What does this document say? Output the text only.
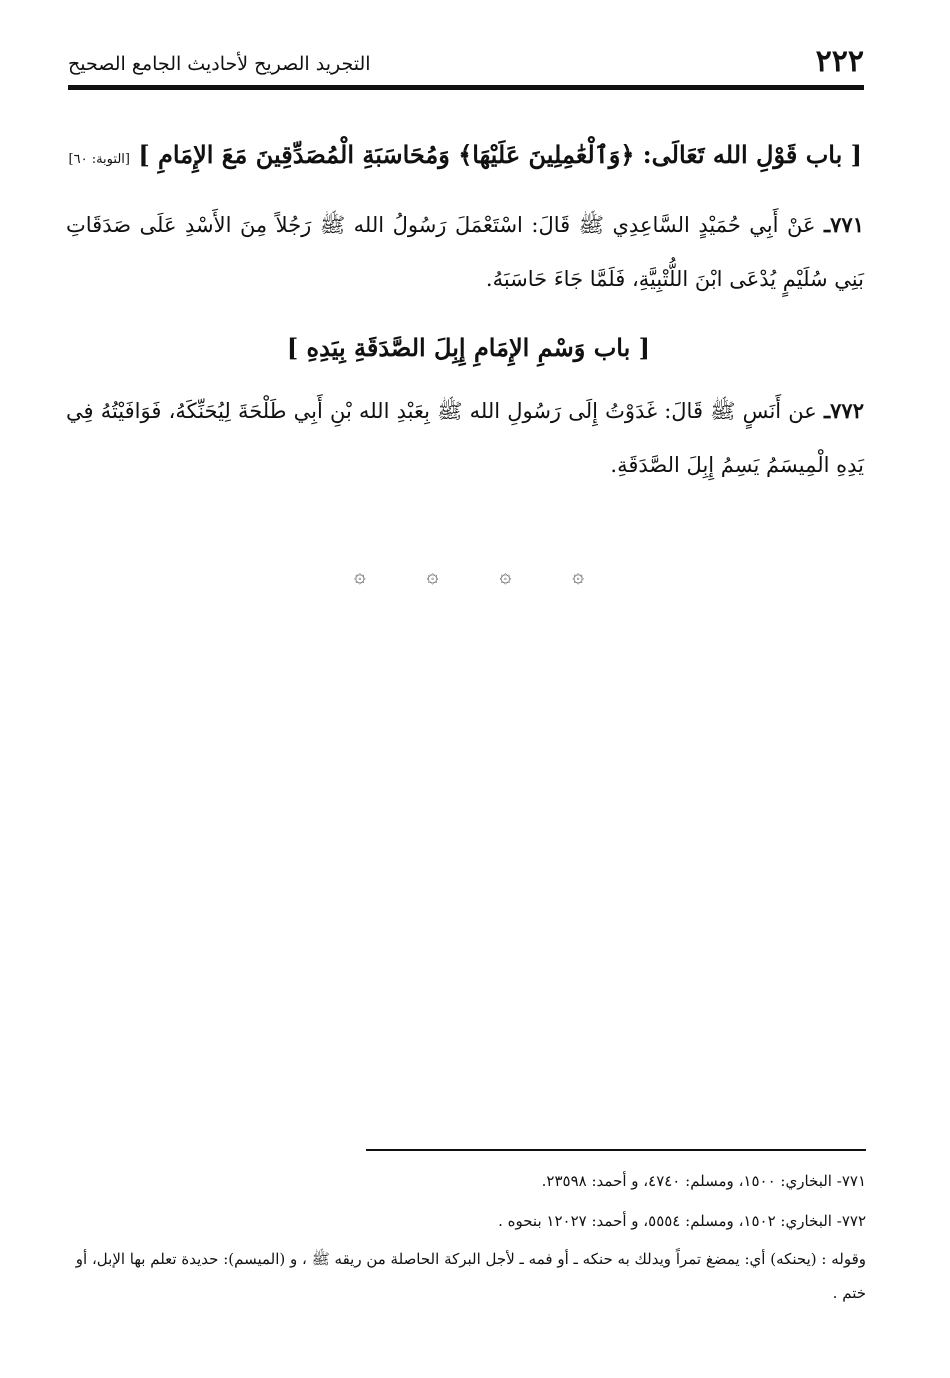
٢٢٢
التجريد الصريح لأحاديث الجامع الصحيح
[ باب قَوْلِ الله تَعَالَى: ﴿وَٱلْعَٰمِلِينَ عَلَيْهَا﴾ وَمُحَاسَبَةِ الْمُصَدِّقِينَ مَعَ الإِمَامِ ] [التوبة: ٦٠]
٧٧١ـ عَنْ أَبِي حُمَيْدٍ السَّاعِدِي ﷺ قَالَ: اسْتَعْمَلَ رَسُولُ الله ﷺ رَجُلاً مِنَ الأَسْدِ عَلَى صَدَقَاتِ بَنِي سُلَيْمٍ يُدْعَى ابْنَ اللُّتْبِيَّةِ، فَلَمَّا جَاءَ حَاسَبَهُ.
[ باب وَسْمِ الإِمَامِ إِبِلَ الصَّدَقَةِ بِيَدِهِ ]
٧٧٢ـ عن أَنَسٍ ﷺ قَالَ: غَدَوْتُ إِلَى رَسُولِ الله ﷺ بِعَبْدِ الله بْنِ أَبِي طَلْحَةَ لِيُحَنِّكَهُ، فَوَافَيْتُهُ فِي يَدِهِ الْمِيسَمُ يَسِمُ إِبِلَ الصَّدَقَةِ.
۞	۞	۞	۞
٧٧١- البخاري: ١٥٠٠، ومسلم: ٤٧٤٠، و أحمد: ٢٣٥٩٨.
٧٧٢- البخاري: ١٥٠٢، ومسلم: ٥٥٥٤، و أحمد: ١٢٠٢٧ بنحوه .
وقوله : (يحنكه) أي: يمضغ تمراً ويدلك به حنكه ـ أو فمه ـ لأجل البركة الحاصلة من ريقه ﷺ ، و (الميسم): حديدة تعلم بها الإبل، أو ختم .
